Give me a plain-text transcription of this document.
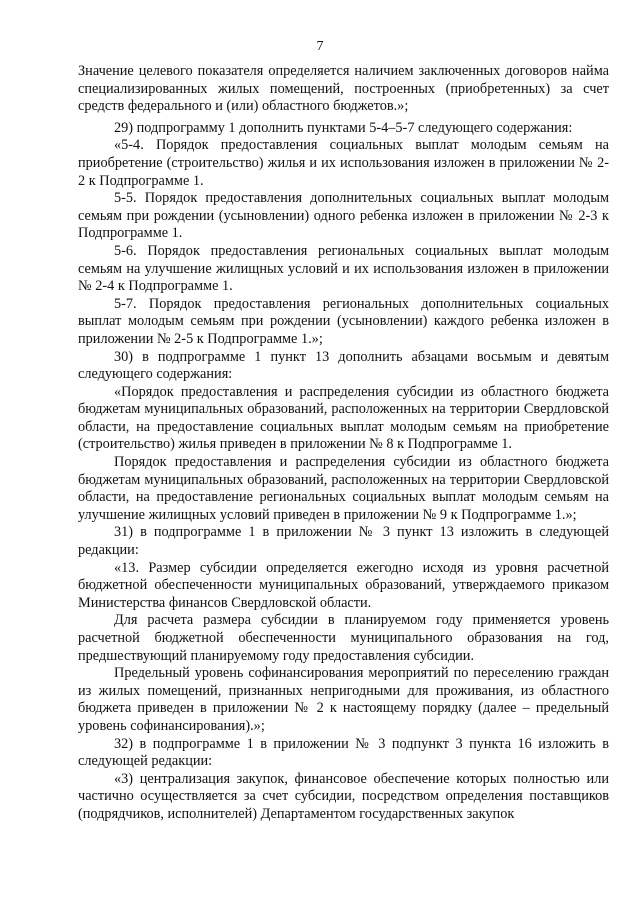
7

Значение целевого показателя определяется наличием заключенных договоров найма специализированных жилых помещений, построенных (приобретенных) за счет средств федерального и (или) областного бюджетов.»;

29) подпрограмму 1 дополнить пунктами 5-4–5-7 следующего содержания:

«5-4. Порядок предоставления социальных выплат молодым семьям на приобретение (строительство) жилья и их использования изложен в приложении № 2-2 к Подпрограмме 1.

5-5. Порядок предоставления дополнительных социальных выплат молодым семьям при рождении (усыновлении) одного ребенка изложен в приложении № 2-3 к Подпрограмме 1.

5-6. Порядок предоставления региональных социальных выплат молодым семьям на улучшение жилищных условий и их использования изложен в приложении № 2-4 к Подпрограмме 1.

5-7. Порядок предоставления региональных дополнительных социальных выплат молодым семьям при рождении (усыновлении) каждого ребенка изложен в приложении № 2-5 к Подпрограмме 1.»;

30) в подпрограмме 1 пункт 13 дополнить абзацами восьмым и девятым следующего содержания:

«Порядок предоставления и распределения субсидии из областного бюджета бюджетам муниципальных образований, расположенных на территории Свердловской области, на предоставление социальных выплат молодым семьям на приобретение (строительство) жилья приведен в приложении № 8 к Подпрограмме 1.

Порядок предоставления и распределения субсидии из областного бюджета бюджетам муниципальных образований, расположенных на территории Свердловской области, на предоставление региональных социальных выплат молодым семьям на улучшение жилищных условий приведен в приложении № 9 к Подпрограмме 1.»;

31) в подпрограмме 1 в приложении № 3 пункт 13 изложить в следующей редакции:

«13. Размер субсидии определяется ежегодно исходя из уровня расчетной бюджетной обеспеченности муниципальных образований, утверждаемого приказом Министерства финансов Свердловской области.

Для расчета размера субсидии в планируемом году применяется уровень расчетной бюджетной обеспеченности муниципального образования на год, предшествующий планируемому году предоставления субсидии.

Предельный уровень софинансирования мероприятий по переселению граждан из жилых помещений, признанных непригодными для проживания, из областного бюджета приведен в приложении № 2 к настоящему порядку (далее – предельный уровень софинансирования).»;

32) в подпрограмме 1 в приложении № 3 подпункт 3 пункта 16 изложить в следующей редакции:

«3) централизация закупок, финансовое обеспечение которых полностью или частично осуществляется за счет субсидии, посредством определения поставщиков (подрядчиков, исполнителей) Департаментом государственных закупок
